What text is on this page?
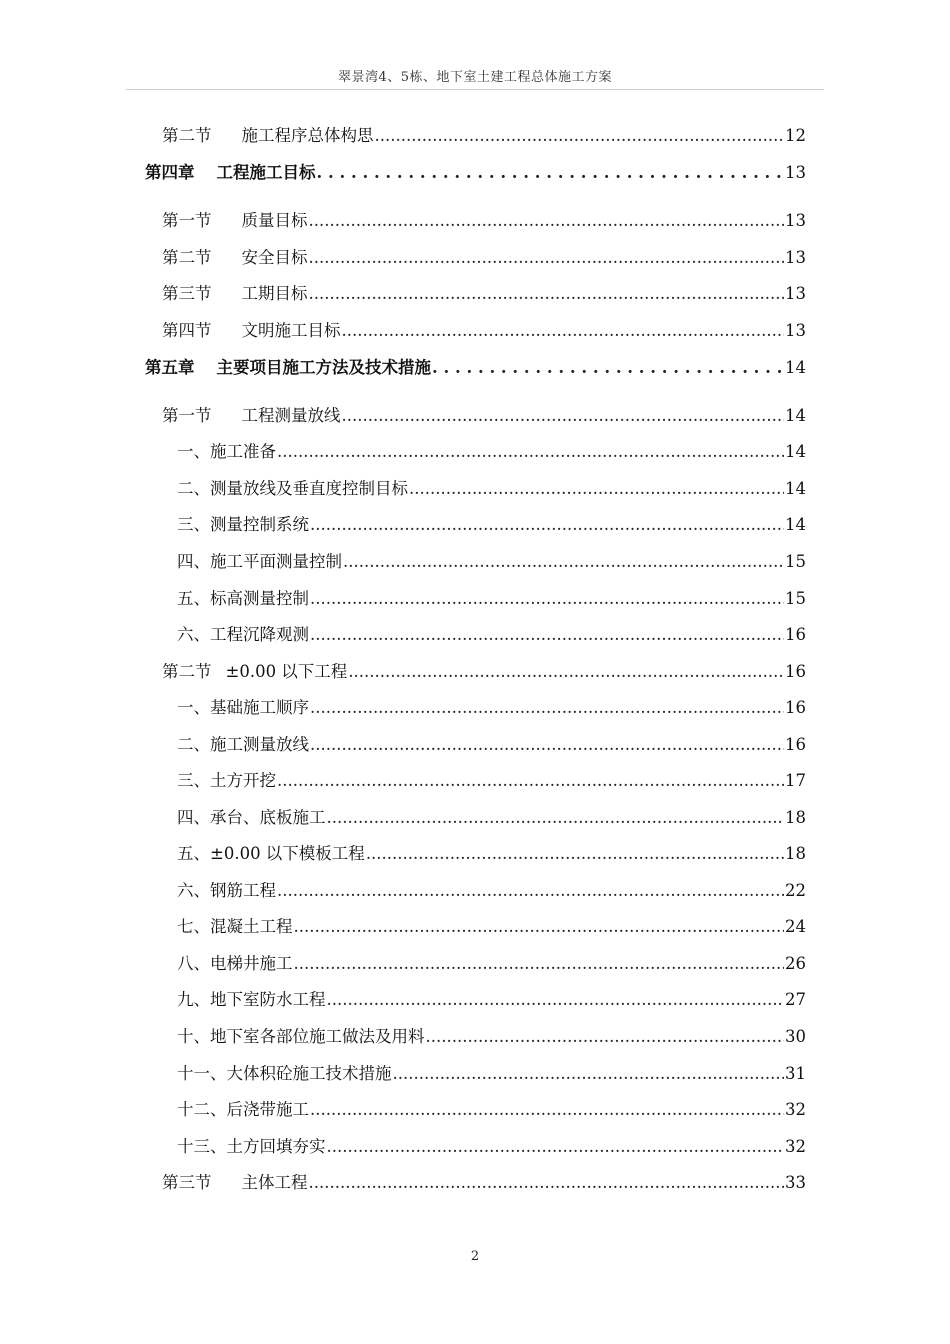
翠景湾4、5栋、地下室土建工程总体施工方案
第二节 施工程序总体构思 .....	12
第四章 工程施工目标 . . .	13
第一节 质量目标 .....	13
第二节 安全目标 .....	13
第三节 工期目标 .....	13
第四节 文明施工目标 .....	13
第五章 主要项目施工方法及技术措施 . . .	14
第一节 工程测量放线 .....	14
一、施工准备 .....	14
二、测量放线及垂直度控制目标 .....	14
三、测量控制系统 .....	14
四、施工平面测量控制 .....	15
五、标高测量控制 .....	15
六、工程沉降观测 .....	16
第二节 ±0.00 以下工程 .....	16
一、基础施工顺序 .....	16
二、施工测量放线 .....	16
三、土方开挖 .....	17
四、承台、底板施工 .....	18
五、±0.00 以下模板工程 .....	18
六、钢筋工程 .....	22
七、混凝土工程 .....	24
八、电梯井施工 .....	26
九、地下室防水工程 .....	27
十、地下室各部位施工做法及用料 .....	30
十一、大体积砼施工技术措施 .....	31
十二、后浇带施工 .....	32
十三、土方回填夯实 .....	32
第三节 主体工程 .....	33
2
